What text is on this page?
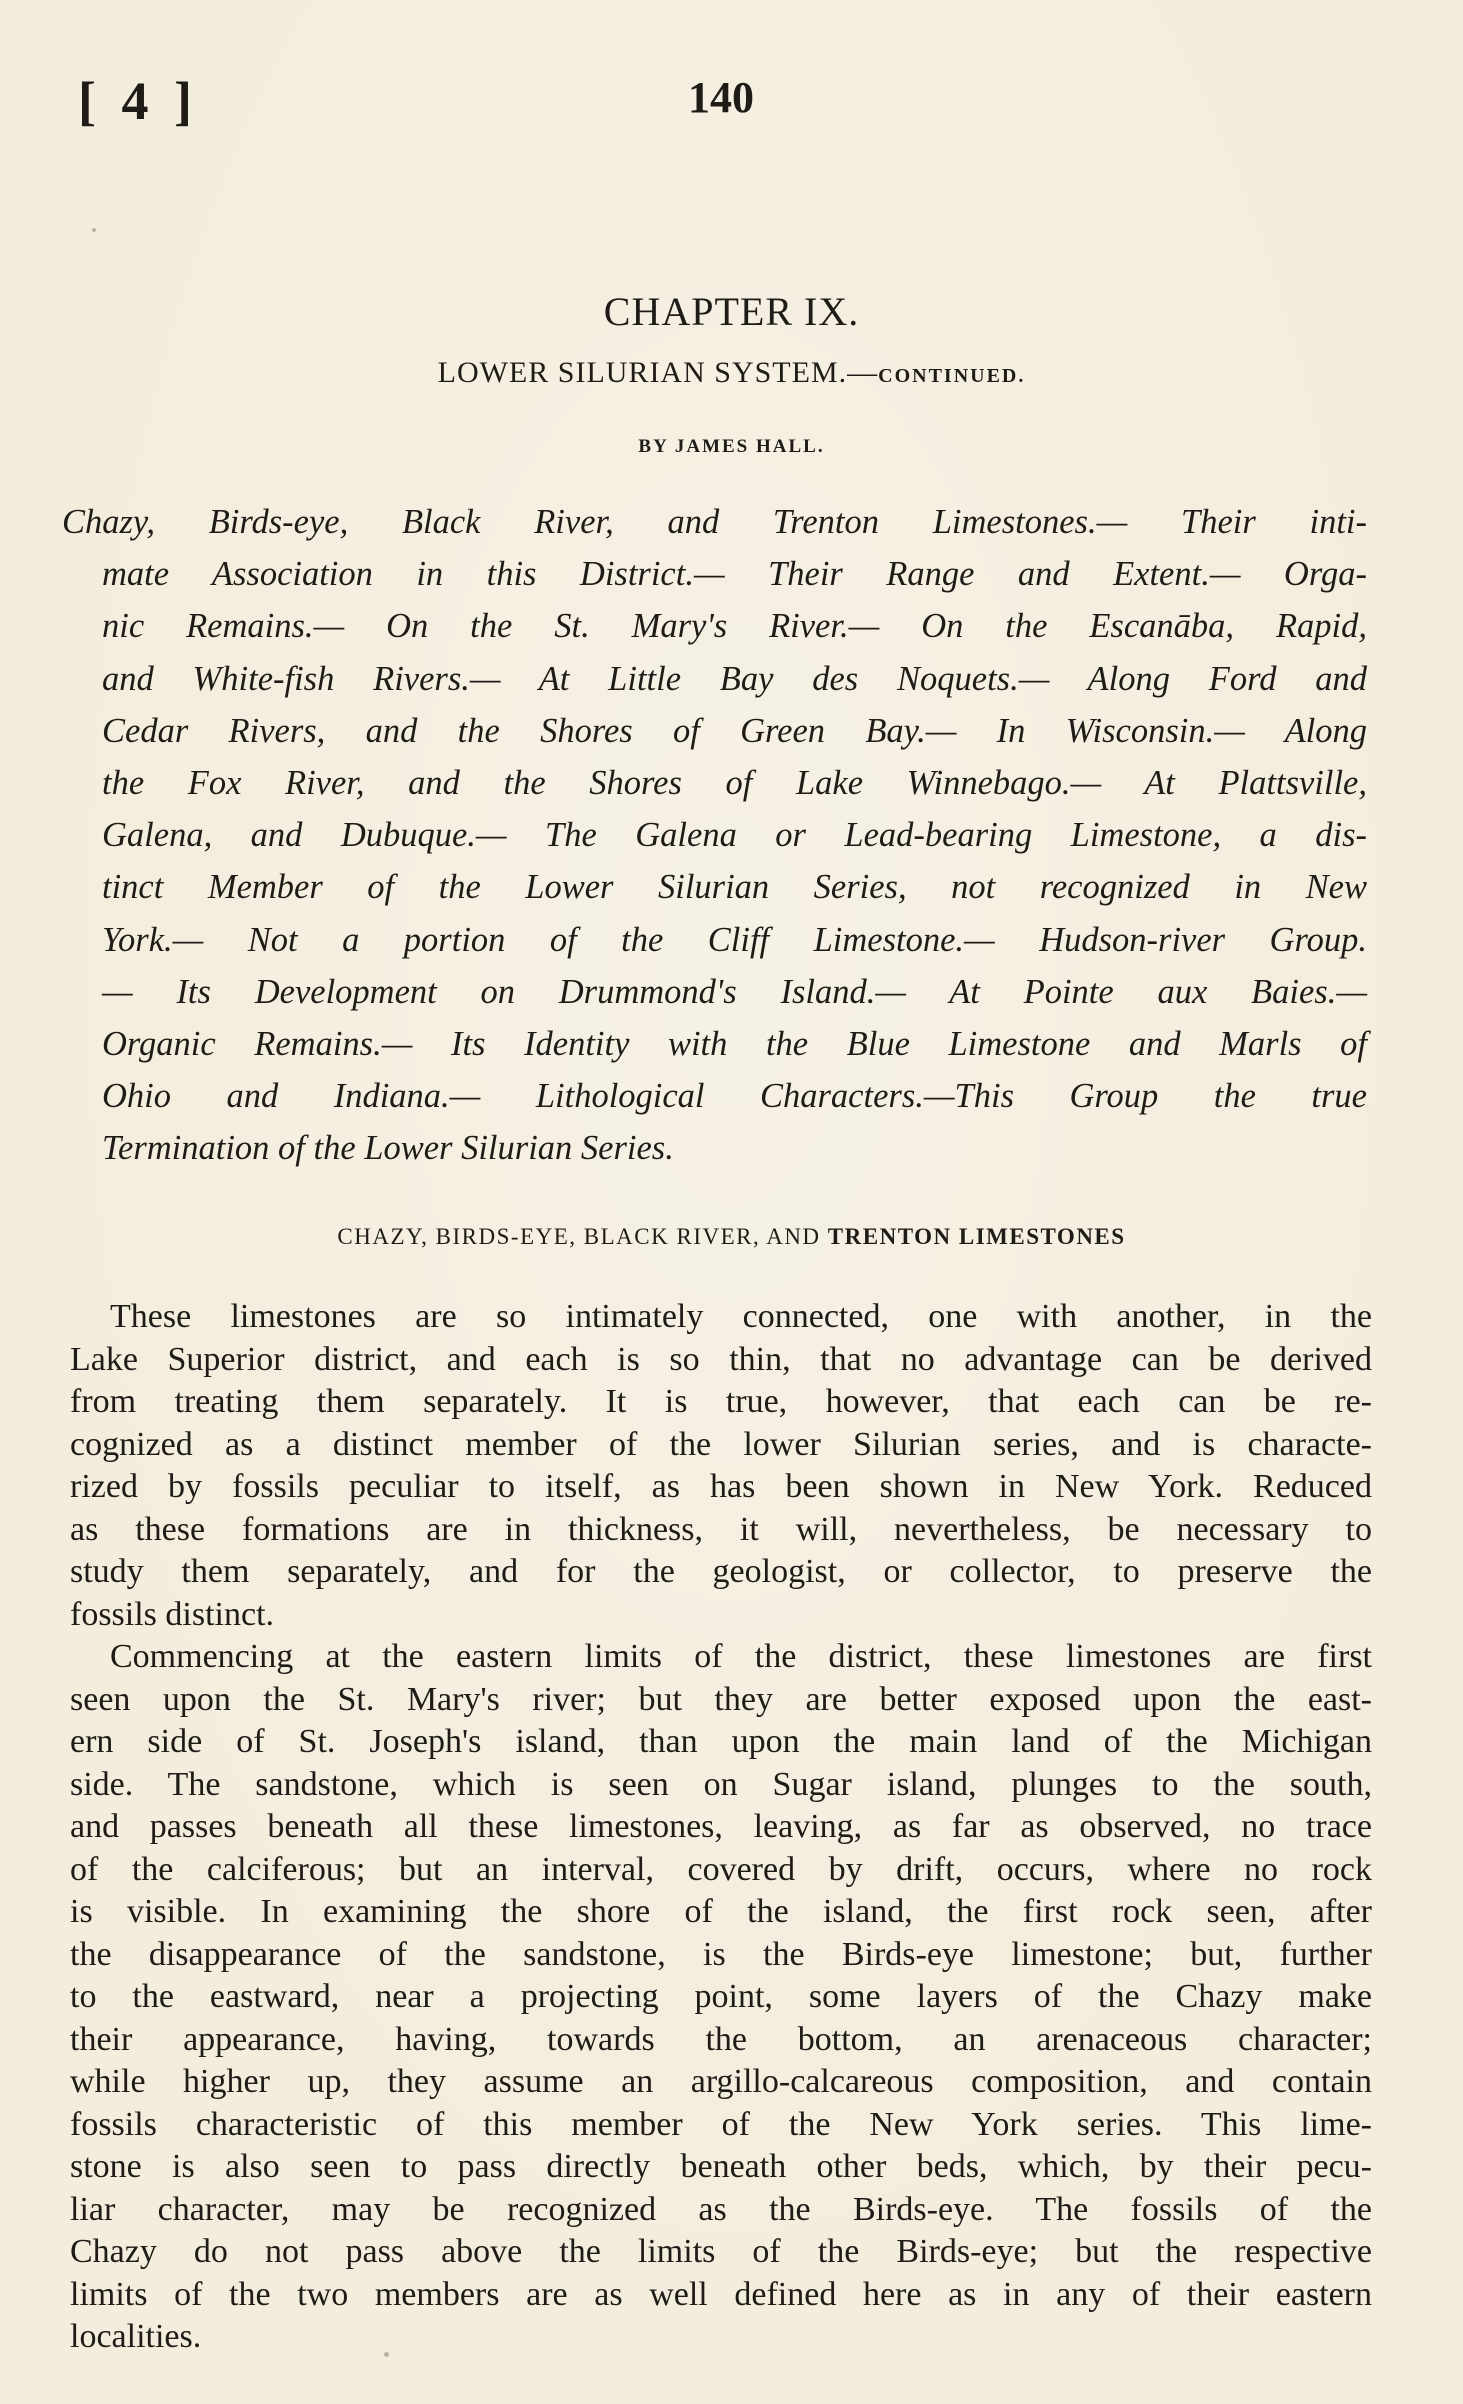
[ 4 ]	140
CHAPTER IX.
LOWER SILURIAN SYSTEM.—CONTINUED.
BY JAMES HALL.
Chazy, Birds-eye, Black River, and Trenton Limestones.— Their inti-
mate Association in this District.— Their Range and Extent.— Orga-
nic Remains.— On the St. Mary's River.— On the Escanāba, Rapid,
and White-fish Rivers.— At Little Bay des Noquets.— Along Ford and
Cedar Rivers, and the Shores of Green Bay.— In Wisconsin.— Along
the Fox River, and the Shores of Lake Winnebago.— At Plattsville,
Galena, and Dubuque.— The Galena or Lead-bearing Limestone, a dis-
tinct Member of the Lower Silurian Series, not recognized in New
York.— Not a portion of the Cliff Limestone.— Hudson-river Group.
— Its Development on Drummond's Island.— At Pointe aux Baies.—
Organic Remains.— Its Identity with the Blue Limestone and Marls of
Ohio and Indiana.— Lithological Characters.—This Group the true
Termination of the Lower Silurian Series.
CHAZY, BIRDS-EYE, BLACK RIVER, AND TRENTON LIMESTONES
These limestones are so intimately connected, one with another, in the
Lake Superior district, and each is so thin, that no advantage can be derived
from treating them separately. It is true, however, that each can be re-
cognized as a distinct member of the lower Silurian series, and is characte-
rized by fossils peculiar to itself, as has been shown in New York. Reduced
as these formations are in thickness, it will, nevertheless, be necessary to
study them separately, and for the geologist, or collector, to preserve the
fossils distinct.
Commencing at the eastern limits of the district, these limestones are first
seen upon the St. Mary's river; but they are better exposed upon the east-
ern side of St. Joseph's island, than upon the main land of the Michigan
side. The sandstone, which is seen on Sugar island, plunges to the south,
and passes beneath all these limestones, leaving, as far as observed, no trace
of the calciferous; but an interval, covered by drift, occurs, where no rock
is visible. In examining the shore of the island, the first rock seen, after
the disappearance of the sandstone, is the Birds-eye limestone; but, further
to the eastward, near a projecting point, some layers of the Chazy make
their appearance, having, towards the bottom, an arenaceous character;
while higher up, they assume an argillo-calcareous composition, and contain
fossils characteristic of this member of the New York series. This lime-
stone is also seen to pass directly beneath other beds, which, by their pecu-
liar character, may be recognized as the Birds-eye. The fossils of the
Chazy do not pass above the limits of the Birds-eye; but the respective
limits of the two members are as well defined here as in any of their eastern
localities.
